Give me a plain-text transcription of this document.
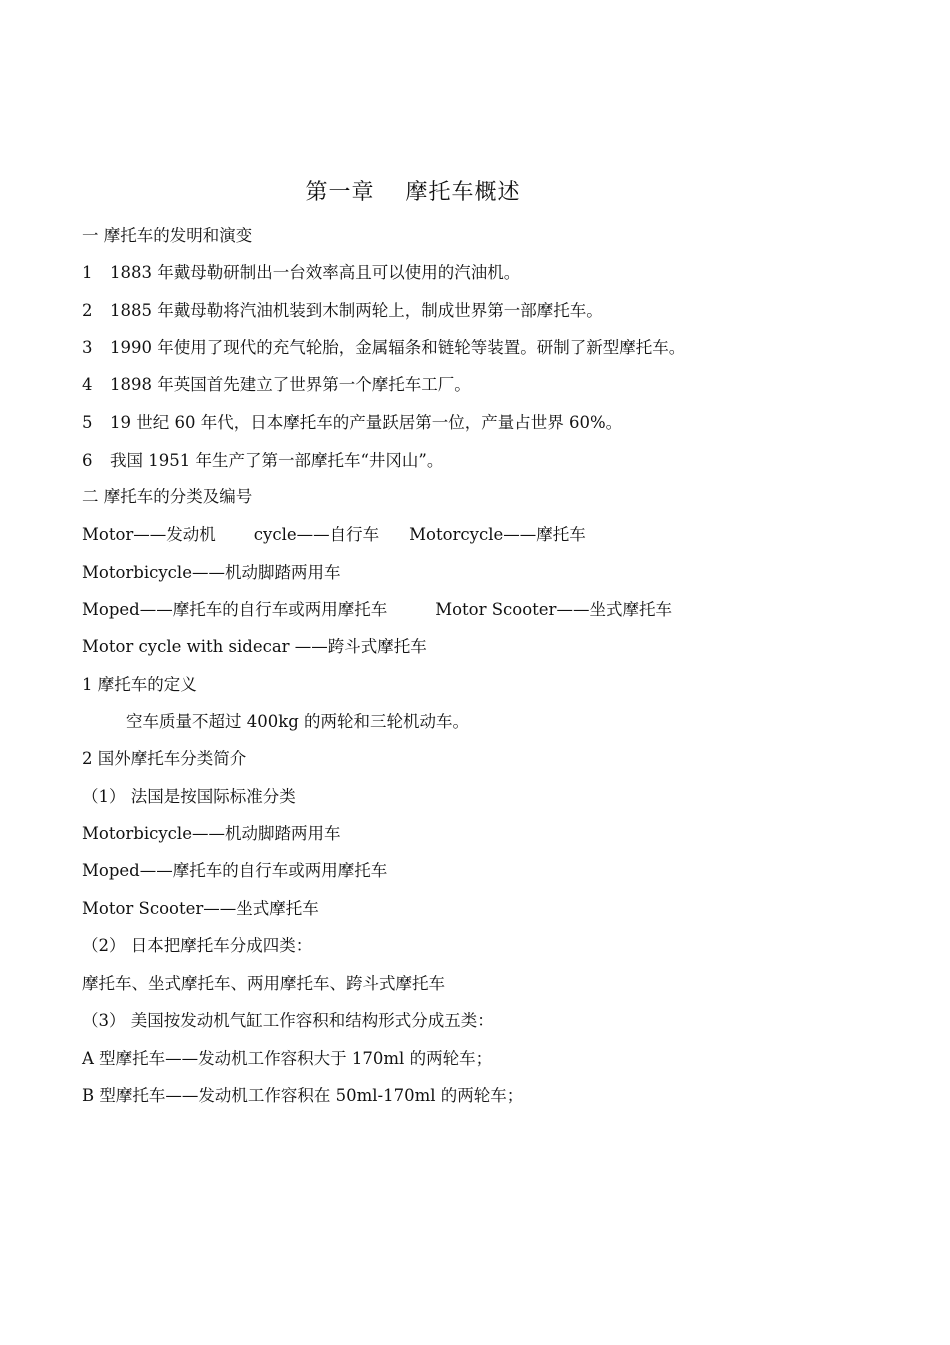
第一章　 摩托车概述
一 摩托车的发明和演变
1 1883 年戴母勒研制出一台效率高且可以使用的汽油机。
2 1885 年戴母勒将汽油机装到木制两轮上，制成世界第一部摩托车。
3 1990 年使用了现代的充气轮胎，金属辐条和链轮等装置。研制了新型摩托车。
4 1898 年英国首先建立了世界第一个摩托车工厂。
5 19 世纪 60 年代，日本摩托车的产量跃居第一位，产量占世界 60%。
6 我国 1951 年生产了第一部摩托车“井冈山”。
二 摩托车的分类及编号
Motor——发动机 cycle——自行车 Motorcycle——摩托车
Motorbicycle——机动脚踏两用车
Moped——摩托车的自行车或两用摩托车	Motor Scooter——坐式摩托车
Motor cycle with sidecar ——跨斗式摩托车
1 摩托车的定义
空车质量不超过 400kg 的两轮和三轮机动车。
2 国外摩托车分类简介
（1） 法国是按国际标准分类
Motorbicycle——机动脚踏两用车
Moped——摩托车的自行车或两用摩托车
Motor Scooter——坐式摩托车
（2） 日本把摩托车分成四类：
摩托车、坐式摩托车、两用摩托车、跨斗式摩托车
（3） 美国按发动机气缸工作容积和结构形式分成五类：
A 型摩托车——发动机工作容积大于 170ml 的两轮车；
B 型摩托车——发动机工作容积在 50ml-170ml 的两轮车；
